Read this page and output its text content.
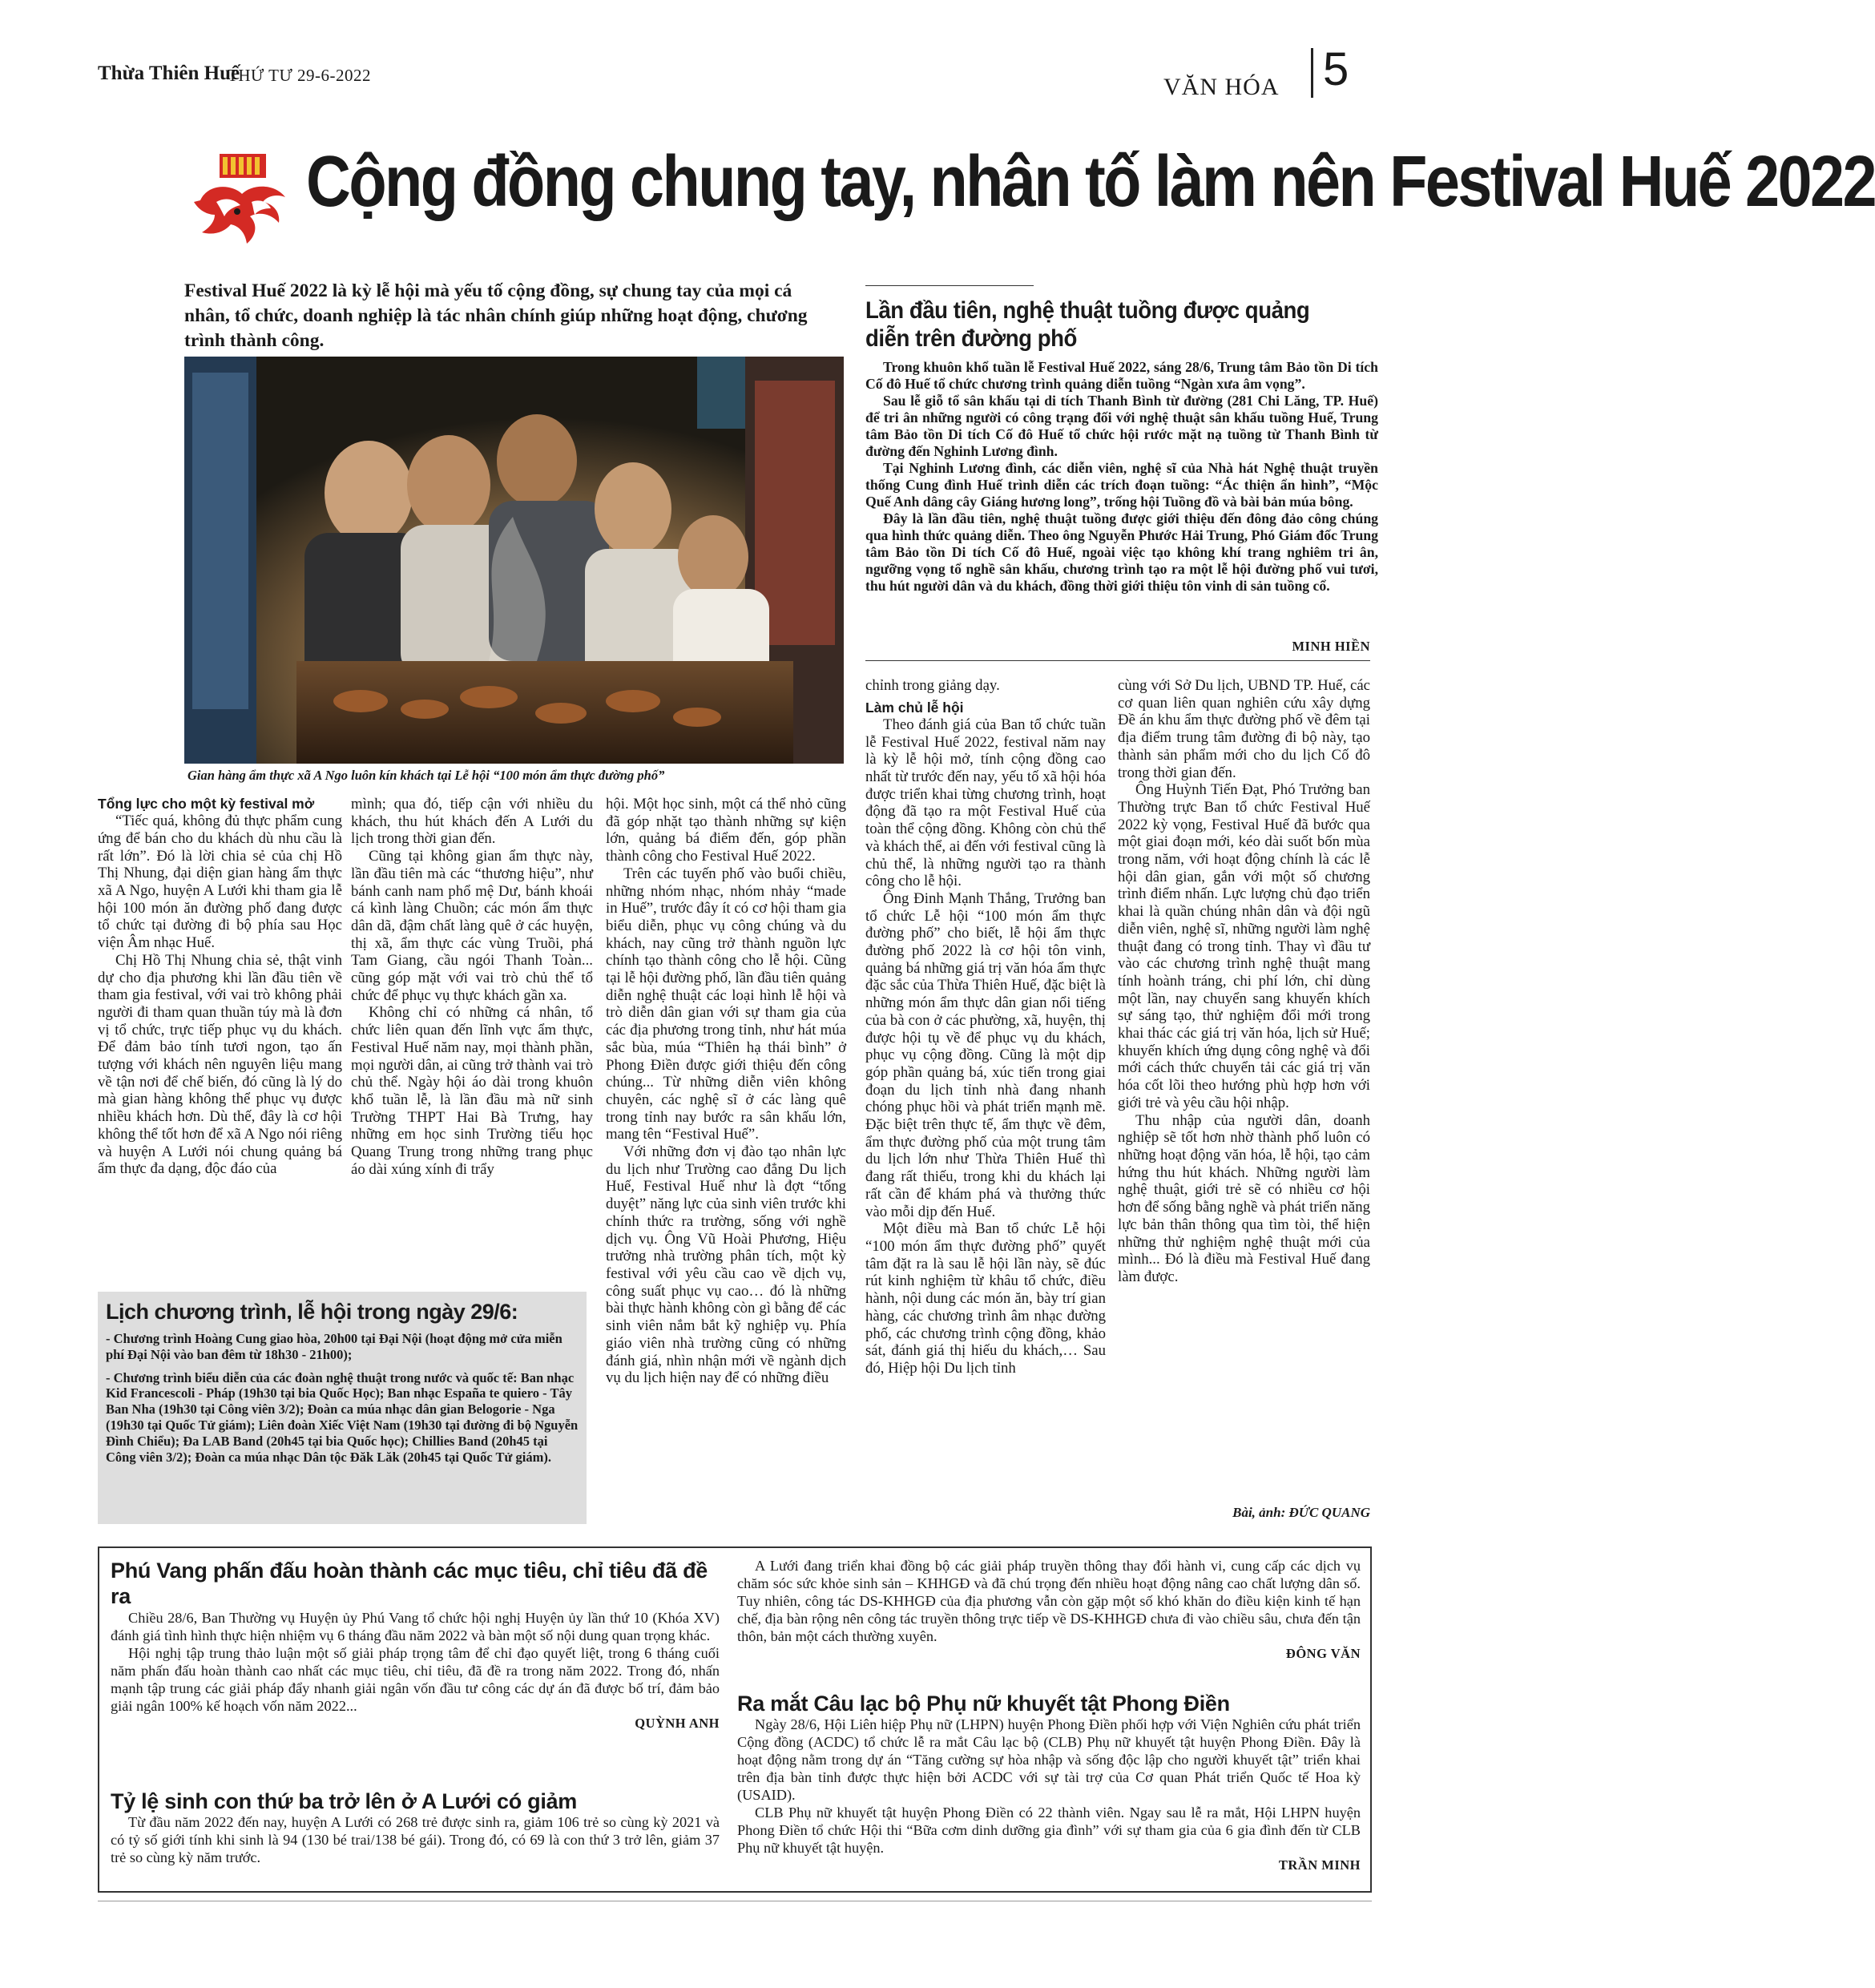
Thừa Thiên Huế
THỨ TƯ 29-6-2022	VĂN HÓA 5
Cộng đồng chung tay, nhân tố làm nên Festival Huế 2022
Festival Huế 2022 là kỳ lễ hội mà yếu tố cộng đồng, sự chung tay của mọi cá nhân, tổ chức, doanh nghiệp là tác nhân chính giúp những hoạt động, chương trình thành công.
Gian hàng ẩm thực xã A Ngo luôn kín khách tại Lễ hội “100 món ẩm thực đường phố”
Lần đầu tiên, nghệ thuật tuồng được quảng diễn trên đường phố

Trong khuôn khổ tuần lễ Festival Huế 2022, sáng 28/6, Trung tâm Bảo tồn Di tích Cố đô Huế tổ chức chương trình quảng diễn tuồng “Ngàn xưa âm vọng”.

Sau lễ giỗ tổ sân khấu tại di tích Thanh Bình từ đường (281 Chi Lăng, TP. Huế) để tri ân những người có công trạng đối với nghệ thuật sân khấu tuồng Huế, Trung tâm Bảo tồn Di tích Cố đô Huế tổ chức hội rước mặt nạ tuồng từ Thanh Bình từ đường đến Nghinh Lương đình.

Tại Nghinh Lương đình, các diễn viên, nghệ sĩ của Nhà hát Nghệ thuật truyền thống Cung đình Huế trình diễn các trích đoạn tuồng: “Ác thiện ẩn hình”, “Mộc Quế Anh dâng cây Giáng hương long”, trống hội Tuồng đồ và bài bản múa bông.

Đây là lần đầu tiên, nghệ thuật tuồng được giới thiệu đến đông đảo công chúng qua hình thức quảng diễn. Theo ông Nguyễn Phước Hải Trung, Phó Giám đốc Trung tâm Bảo tồn Di tích Cố đô Huế, ngoài việc tạo không khí trang nghiêm tri ân, ngưỡng vọng tổ nghề sân khấu, chương trình tạo ra một lễ hội đường phố vui tươi, thu hút người dân và du khách, đồng thời giới thiệu tôn vinh di sản tuồng cổ.

MINH HIỀN
Tổng lực cho một kỳ festival mở

“Tiếc quá, không đủ thực phẩm cung ứng để bán cho du khách dù nhu cầu là rất lớn”. Đó là lời chia sẻ của chị Hồ Thị Nhung, đại diện gian hàng ẩm thực xã A Ngo, huyện A Lưới khi tham gia lễ hội 100 món ăn đường phố đang được tổ chức tại đường đi bộ phía sau Học viện Âm nhạc Huế.

Chị Hồ Thị Nhung chia sẻ, thật vinh dự cho địa phương khi lần đầu tiên về tham gia festival, với vai trò không phải người đi tham quan thuần túy mà là đơn vị tổ chức, trực tiếp phục vụ du khách. Để đảm bảo tính tươi ngon, tạo ấn tượng với khách nên nguyên liệu mang về tận nơi để chế biến, đó cũng là lý do mà gian hàng không thể phục vụ được nhiều khách hơn. Dù thế, đây là cơ hội không thể tốt hơn để xã A Ngo nói riêng và huyện A Lưới nói chung quảng bá ẩm thực đa dạng, độc đáo của

mình; qua đó, tiếp cận với nhiều du khách, thu hút khách đến A Lưới du lịch trong thời gian đến.

Cũng tại không gian ẩm thực này, lần đầu tiên mà các “thương hiệu”, như bánh canh nam phổ mệ Dư, bánh khoái cá kình làng Chuồn; các món ẩm thực dân dã, đậm chất làng quê ở các huyện, thị xã, ẩm thực các vùng Truồi, phá Tam Giang, cầu ngói Thanh Toàn... cũng góp mặt với vai trò chủ thể tổ chức để phục vụ thực khách gần xa.

Không chỉ có những cá nhân, tổ chức liên quan đến lĩnh vực ẩm thực, Festival Huế năm nay, mọi thành phần, mọi người dân, ai cũng trở thành vai trò chủ thể. Ngày hội áo dài trong khuôn khổ tuần lễ, là lần đầu mà nữ sinh Trường THPT Hai Bà Trưng, hay những em học sinh Trường tiểu học Quang Trung trong những trang phục áo dài xúng xính đi trẩy

hội. Một học sinh, một cá thể nhỏ cũng đã góp nhặt tạo thành những sự kiện lớn, quảng bá điểm đến, góp phần thành công cho Festival Huế 2022.

Trên các tuyến phố vào buổi chiều, những nhóm nhạc, nhóm nhảy “made in Huế”, trước đây ít có cơ hội tham gia biểu diễn, phục vụ công chúng và du khách, nay cũng trở thành nguồn lực chính tạo thành công cho lễ hội. Cũng tại lễ hội đường phố, lần đầu tiên quảng diễn nghệ thuật các loại hình lễ hội và trò diễn dân gian với sự tham gia của các địa phương trong tỉnh, như hát múa sắc bùa, múa “Thiên hạ thái bình” ở Phong Điền được giới thiệu đến công chúng... Từ những diễn viên không chuyên, các nghệ sĩ ở các làng quê trong tỉnh nay bước ra sân khấu lớn, mang tên “Festival Huế”.

Với những đơn vị đào tạo nhân lực du lịch như Trường cao đẳng Du lịch Huế, Festival Huế như là đợt “tổng duyệt” năng lực của sinh viên trước khi chính thức ra trường, sống với nghề dịch vụ. Ông Vũ Hoài Phương, Hiệu trưởng nhà trường phân tích, một kỳ festival với yêu cầu cao về dịch vụ, công suất phục vụ cao… đó là những bài thực hành không còn gì bằng để các sinh viên nắm bắt kỹ nghiệp vụ. Phía giáo viên nhà trường cũng có những đánh giá, nhìn nhận mới về ngành dịch vụ du lịch hiện nay để có những điều

chỉnh trong giảng dạy.

Làm chủ lễ hội

Theo đánh giá của Ban tổ chức tuần lễ Festival Huế 2022, festival năm nay là kỳ lễ hội mở, tính cộng đồng cao nhất từ trước đến nay, yếu tố xã hội hóa được triển khai từng chương trình, hoạt động đã tạo ra một Festival Huế của toàn thể cộng đồng. Không còn chủ thể và khách thể, ai đến với festival cũng là chủ thể, là những người tạo ra thành công cho lễ hội.

Ông Đinh Mạnh Thắng, Trưởng ban tổ chức Lễ hội “100 món ẩm thực đường phố” cho biết, lễ hội ẩm thực đường phố 2022 là cơ hội tôn vinh, quảng bá những giá trị văn hóa ẩm thực đặc sắc của Thừa Thiên Huế, đặc biệt là những món ẩm thực dân gian nổi tiếng của bà con ở các phường, xã, huyện, thị được hội tụ về để phục vụ du khách, phục vụ cộng đồng. Cũng là một dịp góp phần quảng bá, xúc tiến trong giai đoạn du lịch tỉnh nhà đang nhanh chóng phục hồi và phát triển mạnh mẽ. Đặc biệt trên thực tế, ẩm thực về đêm, ẩm thực đường phố của một trung tâm du lịch lớn như Thừa Thiên Huế thì đang rất thiếu, trong khi du khách lại rất cần để khám phá và thưởng thức vào mỗi dịp đến Huế.

Một điều mà Ban tổ chức Lễ hội “100 món ẩm thực đường phố” quyết tâm đặt ra là sau lễ hội lần này, sẽ đúc rút kinh nghiệm từ khâu tổ chức, điều hành, nội dung các món ăn, bày trí gian hàng, các chương trình âm nhạc đường phố, các chương trình cộng đồng, khảo sát, đánh giá thị hiếu du khách,… Sau đó, Hiệp hội Du lịch tỉnh

cùng với Sở Du lịch, UBND TP. Huế, các cơ quan liên quan nghiên cứu xây dựng Đề án khu ẩm thực đường phố về đêm tại địa điểm trung tâm đường đi bộ này, tạo thành sản phẩm mới cho du lịch Cố đô trong thời gian đến.

Ông Huỳnh Tiến Đạt, Phó Trưởng ban Thường trực Ban tổ chức Festival Huế 2022 kỳ vọng, Festival Huế đã bước qua một giai đoạn mới, kéo dài suốt bốn mùa trong năm, với hoạt động chính là các lễ hội dân gian, gắn với một số chương trình điểm nhấn. Lực lượng chủ đạo triển khai là quần chúng nhân dân và đội ngũ diễn viên, nghệ sĩ, những người làm nghệ thuật đang có trong tỉnh. Thay vì đầu tư vào các chương trình nghệ thuật mang tính hoành tráng, chi phí lớn, chỉ dùng một lần, nay chuyển sang khuyến khích sự sáng tạo, thử nghiệm đổi mới trong khai thác các giá trị văn hóa, lịch sử Huế; khuyến khích ứng dụng công nghệ và đổi mới cách thức chuyển tải các giá trị văn hóa cốt lõi theo hướng phù hợp hơn với giới trẻ và yêu cầu hội nhập.

Thu nhập của người dân, doanh nghiệp sẽ tốt hơn nhờ thành phố luôn có những hoạt động văn hóa, lễ hội, tạo cảm hứng thu hút khách. Những người làm nghệ thuật, giới trẻ sẽ có nhiều cơ hội hơn để sống bằng nghề và phát triển năng lực bản thân thông qua tìm tòi, thể hiện những thử nghiệm nghệ thuật mới của mình... Đó là điều mà Festival Huế đang làm được.

Bài, ảnh: ĐỨC QUANG
Lịch chương trình, lễ hội trong ngày 29/6:

- Chương trình Hoàng Cung giao hòa, 20h00 tại Đại Nội (hoạt động mở cửa miễn phí Đại Nội vào ban đêm từ 18h30 - 21h00);

- Chương trình biểu diễn của các đoàn nghệ thuật trong nước và quốc tế: Ban nhạc Kid Francescoli - Pháp (19h30 tại bia Quốc Học); Ban nhạc España te quiero - Tây Ban Nha (19h30 tại Công viên 3/2); Đoàn ca múa nhạc dân gian Belogorie - Nga (19h30 tại Quốc Tử giám); Liên đoàn Xiếc Việt Nam (19h30 tại đường đi bộ Nguyễn Đình Chiểu); Đa LAB Band (20h45 tại bia Quốc học); Chillies Band (20h45 tại Công viên 3/2); Đoàn ca múa nhạc Dân tộc Đăk Lăk (20h45 tại Quốc Tử giám).

Phú Vang phấn đấu hoàn thành các mục tiêu, chỉ tiêu đã đề ra

Chiều 28/6, Ban Thường vụ Huyện ủy Phú Vang tổ chức hội nghị Huyện ủy lần thứ 10 (Khóa XV) đánh giá tình hình thực hiện nhiệm vụ 6 tháng đầu năm 2022 và bàn một số nội dung quan trọng khác.

Hội nghị tập trung thảo luận một số giải pháp trọng tâm để chỉ đạo quyết liệt, trong 6 tháng cuối năm phấn đấu hoàn thành cao nhất các mục tiêu, chỉ tiêu, đã đề ra trong năm 2022. Trong đó, nhấn mạnh tập trung các giải pháp đẩy nhanh giải ngân vốn đầu tư công các dự án đã được bố trí, đảm bảo giải ngân 100% kế hoạch vốn năm 2022...

QUỲNH ANH
Tỷ lệ sinh con thứ ba trở lên ở A Lưới có giảm

Từ đầu năm 2022 đến nay, huyện A Lưới có 268 trẻ được sinh ra, giảm 106 trẻ so cùng kỳ 2021 và có tỷ số giới tính khi sinh là 94 (130 bé trai/138 bé gái). Trong đó, có 69 là con thứ 3 trở lên, giảm 37 trẻ so cùng kỳ năm trước.

A Lưới đang triển khai đồng bộ các giải pháp truyền thông thay đổi hành vi, cung cấp các dịch vụ chăm sóc sức khỏe sinh sản – KHHGĐ và đã chú trọng đến nhiều hoạt động nâng cao chất lượng dân số. Tuy nhiên, công tác DS-KHHGĐ của địa phương vẫn còn gặp một số khó khăn do điều kiện kinh tế hạn chế, địa bàn rộng nên công tác truyền thông trực tiếp về DS-KHHGĐ chưa đi vào chiều sâu, chưa đến tận thôn, bản một cách thường xuyên.

ĐÔNG VĂN
Ra mắt Câu lạc bộ Phụ nữ khuyết tật Phong Điền

Ngày 28/6, Hội Liên hiệp Phụ nữ (LHPN) huyện Phong Điền phối hợp với Viện Nghiên cứu phát triển Cộng đồng (ACDC) tổ chức lễ ra mắt Câu lạc bộ (CLB) Phụ nữ khuyết tật huyện Phong Điền. Đây là hoạt động nằm trong dự án “Tăng cường sự hòa nhập và sống độc lập cho người khuyết tật” triển khai trên địa bàn tỉnh được thực hiện bởi ACDC với sự tài trợ của Cơ quan Phát triển Quốc tế Hoa kỳ (USAID).

CLB Phụ nữ khuyết tật huyện Phong Điền có 22 thành viên. Ngay sau lễ ra mắt, Hội LHPN huyện Phong Điền tổ chức Hội thi “Bữa cơm dinh dưỡng gia đình” với sự tham gia của 6 gia đình đến từ CLB Phụ nữ khuyết tật huyện.

TRẦN MINH
